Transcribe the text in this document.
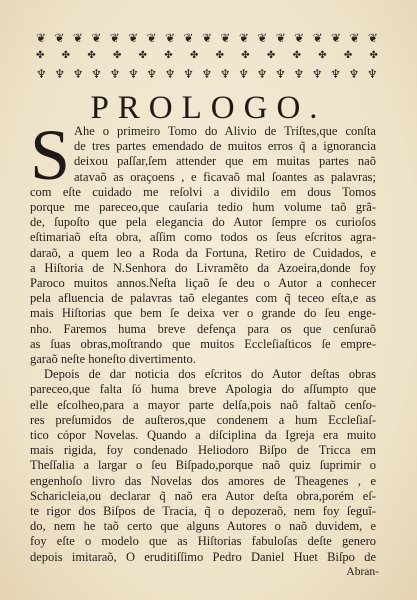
❦ ❦ ❦ ❦ ❦ ❦ ❦ ❦ ❦ ❦ ❦ ❦ ❦ ❦ ❦ ❦ ❦ ❦ ❦
✤ ✤ ✤ ✤ ✤ ✤ ✤ ✤ ✤ ✤ ✤ ✤ ✤ ✤
♆ ♆ ♆ ♆ ♆ ♆ ♆ ♆ ♆ ♆ ♆ ♆ ♆ ♆ ♆ ♆ ♆ ♆ ♆
PROLOGO.
S Ahe o primeiro Tomo do Alivio de Triſtes,que conſta
de tres partes emendado de muitos erros q̃ a ignorancia
deixou paſſar,ſem attender que em muitas partes naõ
atavaõ as oraçoens , e ficavaõ mal ſoantes as palavras;
com eſte cuidado me reſolvi a dividilo em dous Tomos
porque me pareceo,que cauſaria tedio hum volume taõ grã-
de, ſupoſto que pela elegancia do Autor ſempre os curioſos
eſtimariaõ eſta obra, aſſim como todos os ſeus eſcritos agra-
daraõ, a quem leo a Roda da Fortuna, Retiro de Cuidados, e
a Hiſtoria de N.Senhora do Livramẽto da Azoeira,donde foy
Paroco muitos annos.Neſta liçaõ ſe deu o Autor a conhecer
pela afluencia de palavras taõ elegantes com q̃ teceo eſta,e as
mais Hiſtorias que bem ſe deixa ver o grande do ſeu enge-
nho. Faremos huma breve defença para os que cenſuraõ
as ſuas obras,moſtrando que muitos Eccleſiaſticos ſe empre-
garaõ neſte honeſto divertimento.
Depois de dar noticia dos eſcritos do Autor deſtas obras
pareceo,que falta ſó huma breve Apologia do aſſumpto que
elle eſcolheo,para a mayor parte delſa,pois naõ faltaõ cenſo-
res preſumidos de auſteros,que condenem a hum Eccleſiaſ-
tico cópor Novelas. Quando a diſciplina da Igreja era muito
mais rigida, foy condenado Heliodoro Biſpo de Tricca em
Theſſalia a largar o ſeu Biſpado,porque naõ quiz ſuprimir o
engenhoſo livro das Novelas dos amores de Theagenes , e
Scharicleia,ou declarar q̃ naõ era Autor deſta obra,porém eſ-
te rigor dos Biſpos de Tracia, q̃ o depozeraõ, nem foy ſeguĩ-
do, nem he taõ certo que alguns Autores o naõ duvidem, e
foy eſte o modelo que as Hiſtorias fabuloſas deſte genero
depois imitaraõ, O eruditiſſimo Pedro Daniel Huet Biſpo de
Abran-
